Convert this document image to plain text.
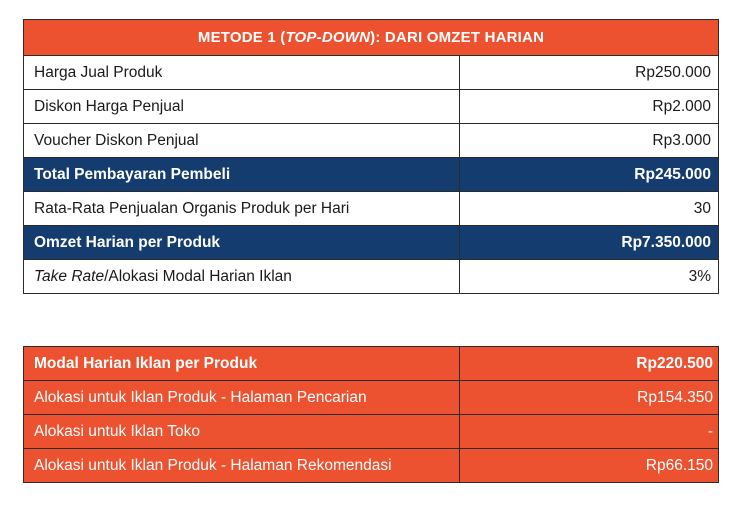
METODE 1 (TOP-DOWN): DARI OMZET HARIAN	
Harga Jual Produk	Rp250.000
Diskon Harga Penjual	Rp2.000
Voucher Diskon Penjual	Rp3.000
Total Pembayaran Pembeli	Rp245.000
Rata-Rata Penjualan Organis Produk per Hari	30
Omzet Harian per Produk	Rp7.350.000
Take Rate/Alokasi Modal Harian Iklan	3%
Modal Harian Iklan per Produk	Rp220.500
Alokasi untuk Iklan Produk - Halaman Pencarian	Rp154.350
Alokasi untuk Iklan Toko	-
Alokasi untuk Iklan Produk - Halaman Rekomendasi	Rp66.150
